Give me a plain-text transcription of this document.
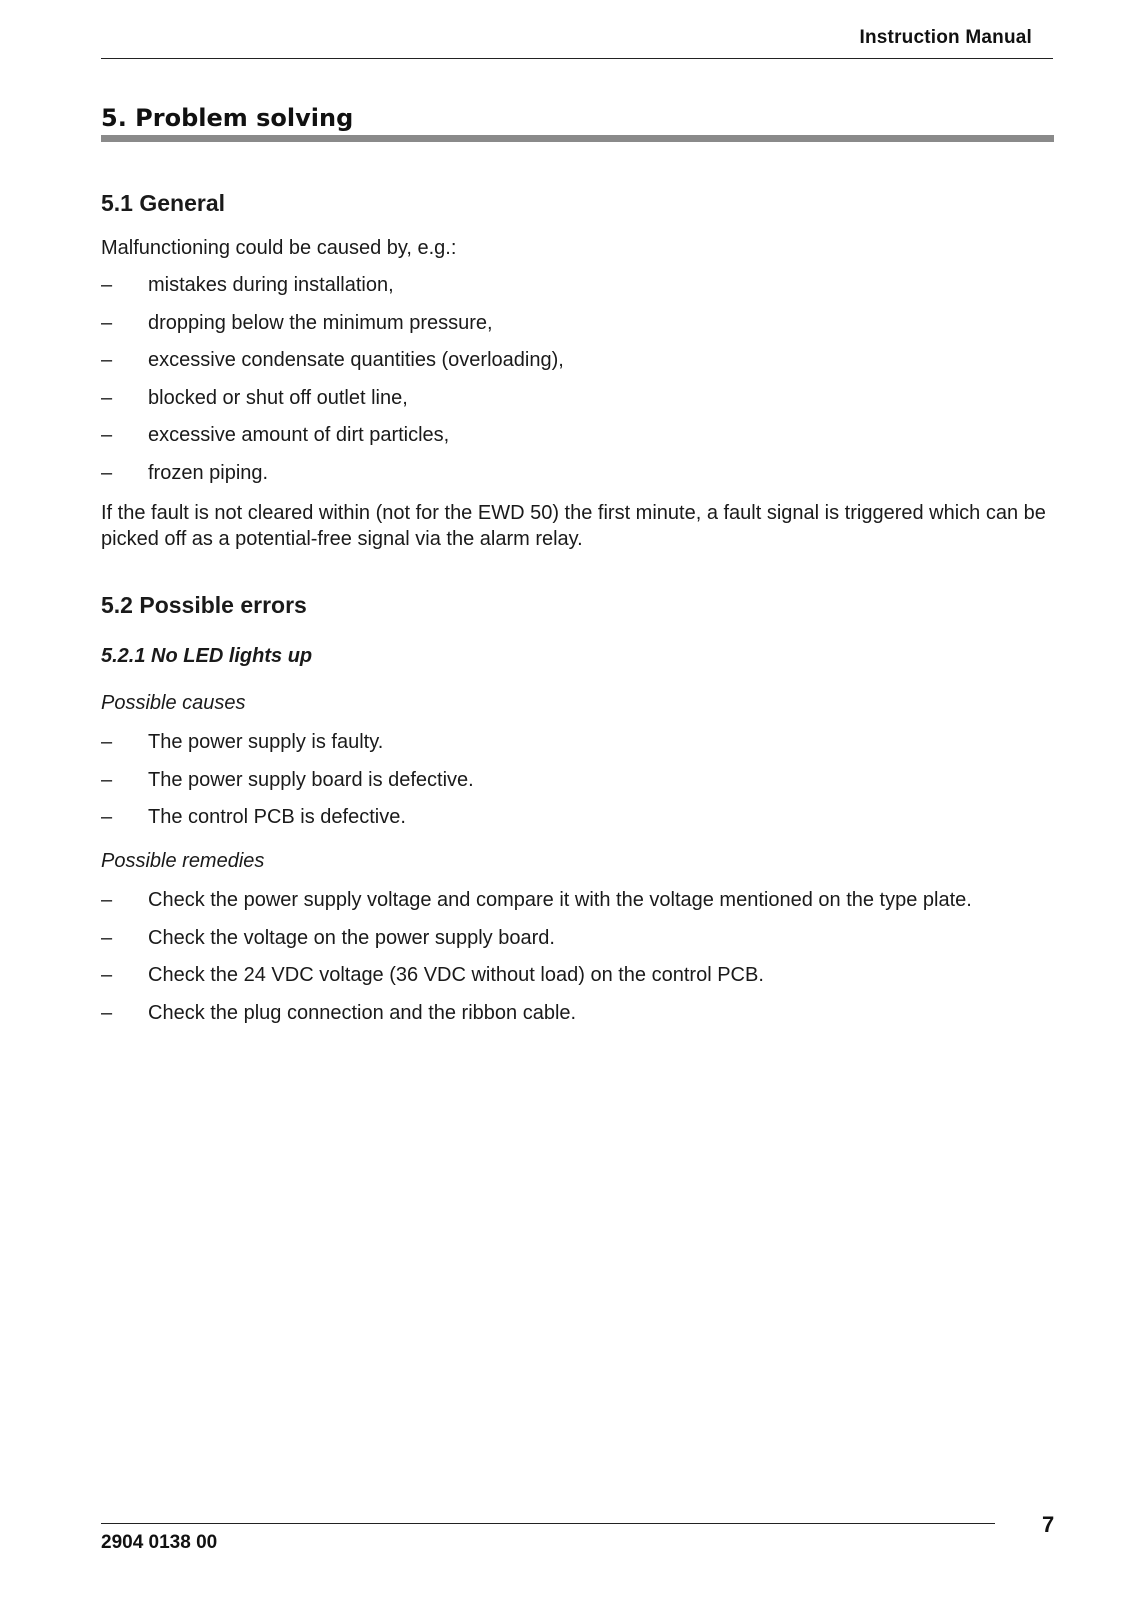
Instruction Manual
5. Problem solving
5.1 General

Malfunctioning could be caused by, e.g.:

–	mistakes during installation,
–	dropping below the minimum pressure,
–	excessive condensate quantities (overloading),
–	blocked or shut off outlet line,
–	excessive amount of dirt particles,
–	frozen piping.

If the fault is not cleared within (not for the EWD 50) the first minute, a fault signal is triggered which can be picked off as a potential-free signal via the alarm relay.

5.2 Possible errors
5.2.1 No LED lights up

Possible causes

–	The power supply is faulty.
–	The power supply board is defective.
–	The control PCB is defective.

Possible remedies

–	Check the power supply voltage and compare it with the voltage mentioned on the type plate.
–	Check the voltage on the power supply board.
–	Check the 24 VDC voltage (36 VDC without load) on the control PCB.
–	Check the plug connection and the ribbon cable.
2904 0138 00
7
